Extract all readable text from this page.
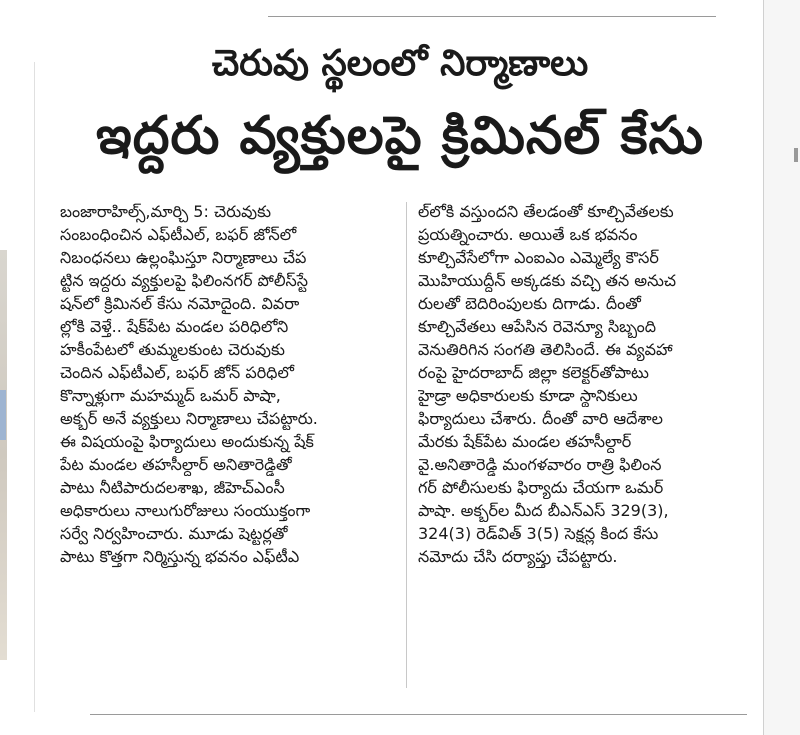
చెరువు స్థలంలో నిర్మాణాలు
ఇద్దరు వ్యక్తులపై క్రిమినల్ కేసు
బంజారాహిల్స్,మార్చి 5: చెరువుకు
సంబంధించిన ఎఫ్‌టీఎల్, బఫర్ జోన్‌లో
నిబంధనలు ఉల్లంఘిస్తూ నిర్మాణాలు చేప
ట్టిన ఇద్దరు వ్యక్తులపై ఫిలింనగర్ పోలీస్‌స్టే
షన్‌లో క్రిమినల్ కేసు నమోదైంది. వివరా
ల్లోకి వెళ్తే.. షేక్‌పేట మండల పరిధిలోని
హకీంపేటలో తుమ్మలకుంట చెరువుకు
చెందిన ఎఫ్‌టీఎల్, బఫర్ జోన్ పరిధిలో
కొన్నాళ్లుగా మహమ్మద్ ఒమర్ పాషా,
అక్బర్ అనే వ్యక్తులు నిర్మాణాలు చేపట్టారు.
ఈ విషయంపై ఫిర్యాదులు అందుకున్న షేక్
పేట మండల తహసీల్దార్ అనితారెడ్డితో
పాటు నీటిపారుదలశాఖ, జీహెచ్ఎంసీ
అధికారులు నాలుగురోజులు సంయుక్తంగా
సర్వే నిర్వహించారు. మూడు షెట్టర్లతో
పాటు కొత్తగా నిర్మిస్తున్న భవనం ఎఫ్‌టీఎ
ల్‌లోకి వస్తుందని తేలడంతో కూల్చివేతలకు
ప్రయత్నించారు. అయితే ఒక భవనం
కూల్చివేసేలోగా ఎంఐఎం ఎమ్మెల్యే కౌసర్
మొహియుద్దీన్ అక్కడకు వచ్చి తన అనుచ
రులతో బెదిరింపులకు దిగాడు. దీంతో
కూల్చివేతలు ఆపేసిన రెవెన్యూ సిబ్బంది
వెనుతిరిగిన సంగతి తెలిసిందే. ఈ వ్యవహా
రంపై హైదరాబాద్ జిల్లా కలెక్టర్‌తోపాటు
హైడ్రా అధికారులకు కూడా స్థానికులు
ఫిర్యాదులు చేశారు. దీంతో వారి ఆదేశాల
మేరకు షేక్‌పేట మండల తహసీల్దార్
వై.అనితారెడ్డి మంగళవారం రాత్రి ఫిలింన
గర్ పోలీసులకు ఫిర్యాదు చేయగా ఒమర్
పాషా. అక్బర్‌ల మీద బీఎన్ఎస్ 329(3),
324(3) రెడ్‌విత్ 3(5) సెక్షన్ల కింద కేసు
నమోదు చేసి దర్యాప్తు చేపట్టారు.
